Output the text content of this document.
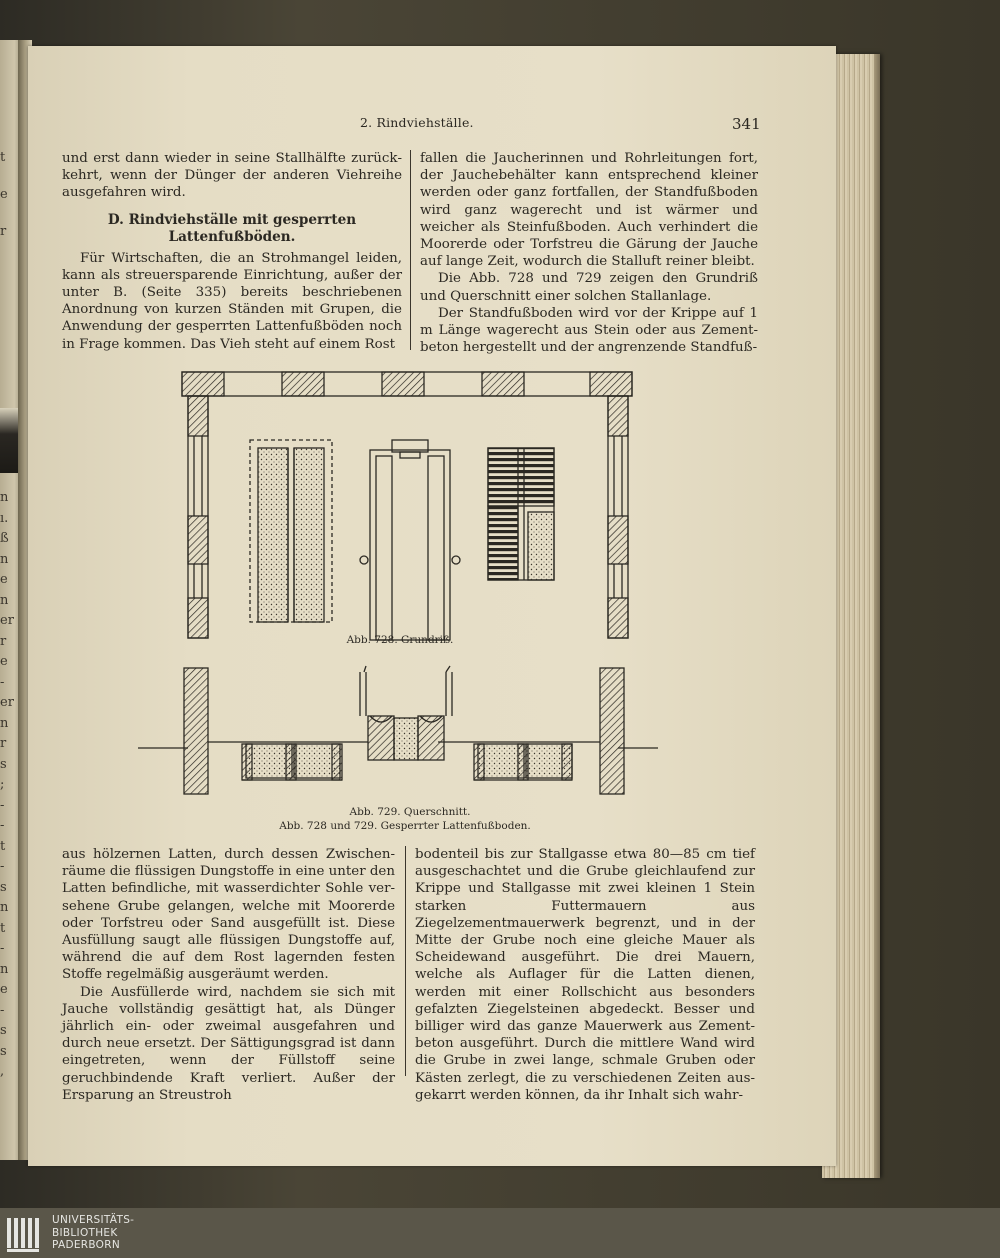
t
e
r
n
ı.
ß
n
e
n
er
r
e
-
er
n
r
s
;
-
-
t
-
s
n
t
-
n
e
-
s
s
,
2. Rindviehställe.	341

und erst dann wieder in seine Stallhälfte zurückkehrt, wenn der Dünger der anderen Viehreihe ausgefahren wird.

D. Rindviehställe mit gesperrten
Lattenfußböden.

Für Wirtschaften, die an Strohmangel leiden, kann als streuersparende Einrichtung, außer der unter B. (Seite 335) bereits beschriebenen Anordnung von kurzen Ständen mit Grupen, die Anwendung der gesperrten Lattenfußböden noch in Frage kommen. Das Vieh steht auf einem Rost

fallen die Jaucherinnen und Rohrleitungen fort, der Jauchebehälter kann entsprechend kleiner werden oder ganz fortfallen, der Standfußboden wird ganz wagerecht und ist wärmer und weicher als Steinfußboden. Auch verhindert die Moorerde oder Torfstreu die Gärung der Jauche auf lange Zeit, wodurch die Stalluft reiner bleibt.

Die Abb. 728 und 729 zeigen den Grundriß und Querschnitt einer solchen Stallanlage.

Der Standfußboden wird vor der Krippe auf 1 m Länge wagerecht aus Stein oder aus Zementbeton hergestellt und der angrenzende Standfuß-

Abb. 728. Grundriß.
Abb. 729. Querschnitt.
Abb. 728 und 729. Gesperrter Lattenfußboden.

aus hölzernen Latten, durch dessen Zwischenräume die flüssigen Dungstoffe in eine unter den Latten befindliche, mit wasserdichter Sohle versehene Grube gelangen, welche mit Moorerde oder Torfstreu oder Sand ausgefüllt ist. Diese Ausfüllung saugt alle flüssigen Dungstoffe auf, während die auf dem Rost lagernden festen Stoffe regelmäßig ausgeräumt werden.

Die Ausfüllerde wird, nachdem sie sich mit Jauche vollständig gesättigt hat, als Dünger jährlich ein- oder zweimal ausgefahren und durch neue ersetzt. Der Sättigungsgrad ist dann eingetreten, wenn der Füllstoff seine geruchbindende Kraft verliert. Außer der Ersparung an Streustroh

bodenteil bis zur Stallgasse etwa 80—85 cm tief ausgeschachtet und die Grube gleichlaufend zur Krippe und Stallgasse mit zwei kleinen 1 Stein starken Futtermauern aus Ziegelzementmauerwerk begrenzt, und in der Mitte der Grube noch eine gleiche Mauer als Scheidewand ausgeführt. Die drei Mauern, welche als Auflager für die Latten dienen, werden mit einer Rollschicht aus besonders gefalzten Ziegelsteinen abgedeckt. Besser und billiger wird das ganze Mauerwerk aus Zementbeton ausgeführt. Durch die mittlere Wand wird die Grube in zwei lange, schmale Gruben oder Kästen zerlegt, die zu verschiedenen Zeiten ausgekarrt werden können, da ihr Inhalt sich wahr-

UNIVERSITÄTS-
BIBLIOTHEK
PADERBORN
